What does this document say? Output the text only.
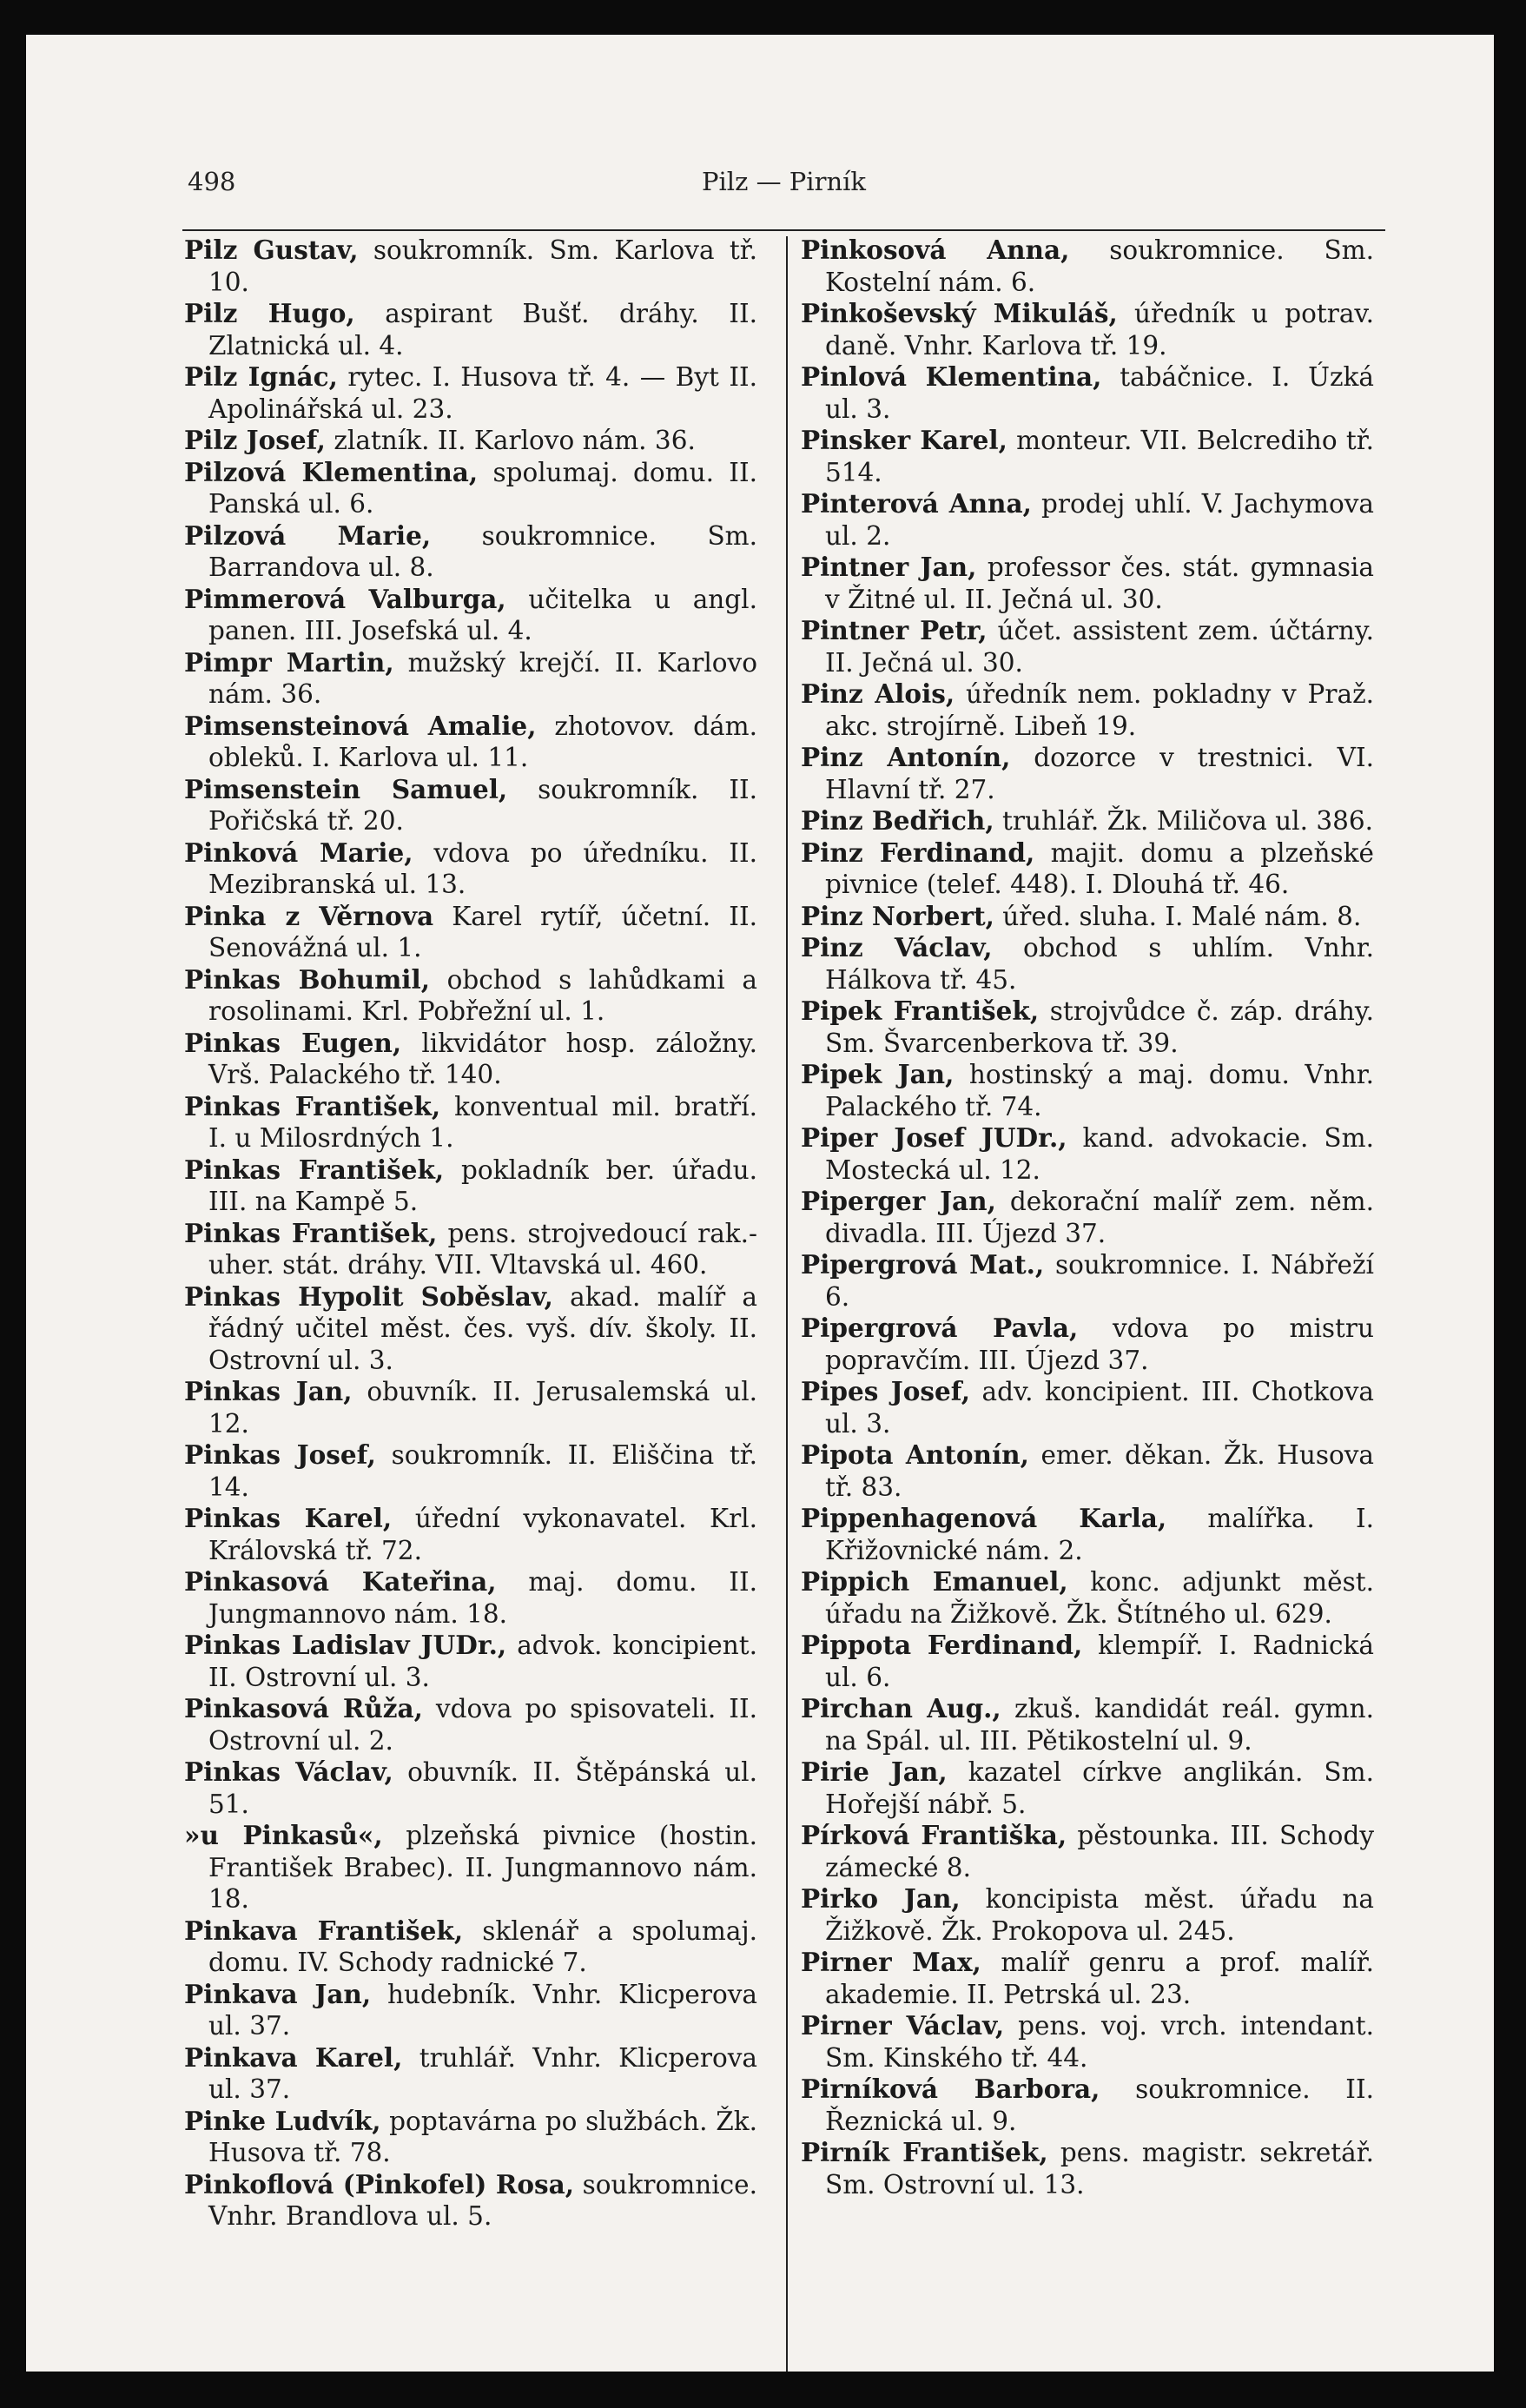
498	Pilz — Pirník

Pilz Gustav, soukromník. Sm. Karlova tř. 10.

Pilz Hugo, aspirant Bušť. dráhy. II. Zlatnická ul. 4.

Pilz Ignác, rytec. I. Husova tř. 4. — Byt II. Apolinářská ul. 23.

Pilz Josef, zlatník. II. Karlovo nám. 36.

Pilzová Klementina, spolumaj. domu. II. Panská ul. 6.

Pilzová Marie, soukromnice. Sm. Barrandova ul. 8.

Pimmerová Valburga, učitelka u angl. panen. III. Josefská ul. 4.

Pimpr Martin, mužský krejčí. II. Karlovo nám. 36.

Pimsensteinová Amalie, zhotovov. dám. obleků. I. Karlova ul. 11.

Pimsenstein Samuel, soukromník. II. Pořičská tř. 20.

Pinková Marie, vdova po úředníku. II. Mezibranská ul. 13.

Pinka z Věrnova Karel rytíř, účetní. II. Senovážná ul. 1.

Pinkas Bohumil, obchod s lahůdkami a rosolinami. Krl. Pobřežní ul. 1.

Pinkas Eugen, likvidátor hosp. záložny. Vrš. Palackého tř. 140.

Pinkas František, konventual mil. bratří. I. u Milosrdných 1.

Pinkas František, pokladník ber. úřadu. III. na Kampě 5.

Pinkas František, pens. strojvedoucí rak.-uher. stát. dráhy. VII. Vltavská ul. 460.

Pinkas Hypolit Soběslav, akad. malíř a řádný učitel měst. čes. vyš. dív. školy. II. Ostrovní ul. 3.

Pinkas Jan, obuvník. II. Jerusalemská ul. 12.

Pinkas Josef, soukromník. II. Eliščina tř. 14.

Pinkas Karel, úřední vykonavatel. Krl. Královská tř. 72.

Pinkasová Kateřina, maj. domu. II. Jungmannovo nám. 18.

Pinkas Ladislav JUDr., advok. koncipient. II. Ostrovní ul. 3.

Pinkasová Růža, vdova po spisovateli. II. Ostrovní ul. 2.

Pinkas Václav, obuvník. II. Štěpánská ul. 51.

»u Pinkasů«, plzeňská pivnice (hostin. František Brabec). II. Jungmannovo nám. 18.

Pinkava František, sklenář a spolumaj. domu. IV. Schody radnické 7.

Pinkava Jan, hudebník. Vnhr. Klicperova ul. 37.

Pinkava Karel, truhlář. Vnhr. Klicperova ul. 37.

Pinke Ludvík, poptavárna po službách. Žk. Husova tř. 78.

Pinkoflová (Pinkofel) Rosa, soukromnice. Vnhr. Brandlova ul. 5.

Pinkosová Anna, soukromnice. Sm. Kostelní nám. 6.

Pinkoševský Mikuláš, úředník u potrav. daně. Vnhr. Karlova tř. 19.

Pinlová Klementina, tabáčnice. I. Úzká ul. 3.

Pinsker Karel, monteur. VII. Belcrediho tř. 514.

Pinterová Anna, prodej uhlí. V. Jachymova ul. 2.

Pintner Jan, professor čes. stát. gymnasia v Žitné ul. II. Ječná ul. 30.

Pintner Petr, účet. assistent zem. účtárny. II. Ječná ul. 30.

Pinz Alois, úředník nem. pokladny v Praž. akc. strojírně. Libeň 19.

Pinz Antonín, dozorce v trestnici. VI. Hlavní tř. 27.

Pinz Bedřich, truhlář. Žk. Miličova ul. 386.

Pinz Ferdinand, majit. domu a plzeňské pivnice (telef. 448). I. Dlouhá tř. 46.

Pinz Norbert, úřed. sluha. I. Malé nám. 8.

Pinz Václav, obchod s uhlím. Vnhr. Hálkova tř. 45.

Pipek František, strojvůdce č. záp. dráhy. Sm. Švarcenberkova tř. 39.

Pipek Jan, hostinský a maj. domu. Vnhr. Palackého tř. 74.

Piper Josef JUDr., kand. advokacie. Sm. Mostecká ul. 12.

Piperger Jan, dekorační malíř zem. něm. divadla. III. Újezd 37.

Pipergrová Mat., soukromnice. I. Nábřeží 6.

Pipergrová Pavla, vdova po mistru popravčím. III. Újezd 37.

Pipes Josef, adv. koncipient. III. Chotkova ul. 3.

Pipota Antonín, emer. děkan. Žk. Husova tř. 83.

Pippenhagenová Karla, malířka. I. Křižovnické nám. 2.

Pippich Emanuel, konc. adjunkt měst. úřadu na Žižkově. Žk. Štítného ul. 629.

Pippota Ferdinand, klempíř. I. Radnická ul. 6.

Pirchan Aug., zkuš. kandidát reál. gymn. na Spál. ul. III. Pětikostelní ul. 9.

Pirie Jan, kazatel církve anglikán. Sm. Hořejší nábř. 5.

Pírková Františka, pěstounka. III. Schody zámecké 8.

Pirko Jan, koncipista měst. úřadu na Žižkově. Žk. Prokopova ul. 245.

Pirner Max, malíř genru a prof. malíř. akademie. II. Petrská ul. 23.

Pirner Václav, pens. voj. vrch. intendant. Sm. Kinského tř. 44.

Pirníková Barbora, soukromnice. II. Řeznická ul. 9.

Pirník František, pens. magistr. sekretář. Sm. Ostrovní ul. 13.
